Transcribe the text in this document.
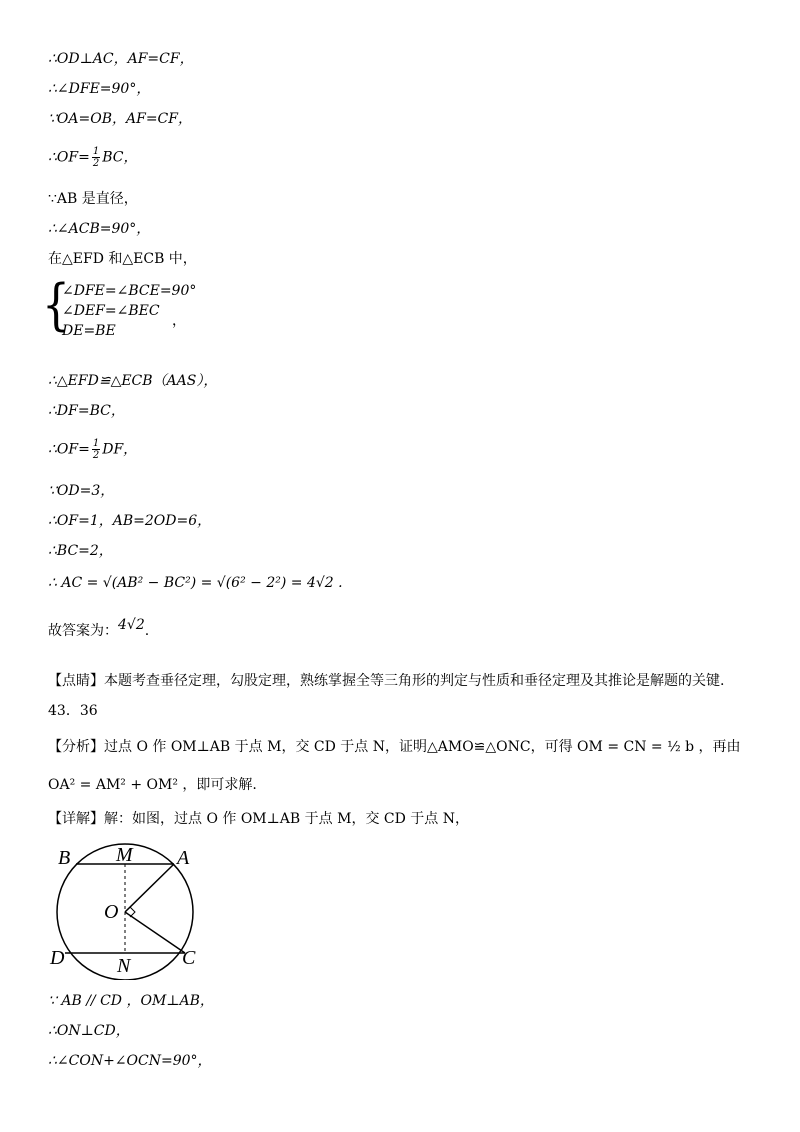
∴OD⊥AC，AF=CF，
∴∠DFE=90°，
∵OA=OB，AF=CF，
∴OF= $\frac{1}{2}$ BC，
∵AB 是直径，
∴∠ACB=90°，
在△EFD 和△ECB 中，
{
∠DFE=∠BCE=90°
∠DEF=∠BEC
DE=BE
，
∴△EFD≌△ECB（AAS），
∴DF=BC，
∴OF= $\frac{1}{2}$ DF，
∵OD=3，
∴OF=1，AB=2OD=6，
∴BC=2，
∴ AC = √(AB² − BC²) = √(6² − 2²) = 4√2 .
故答案为：4√2.
【点睛】本题考查垂径定理，勾股定理，熟练掌握全等三角形的判定与性质和垂径定理及其推论是解题的关键.
43．36
【分析】过点 O 作 OM⊥AB 于点 M，交 CD 于点 N，证明△AMO≌△ONC，可得 OM = CN = ½ b ，再由
OA² = AM² + OM² ，即可求解.
【详解】解：如图，过点 O 作 OM⊥AB 于点 M，交 CD 于点 N，
B M A
O
D	N	C
∵ AB // CD ，OM⊥AB，
∴ON⊥CD，
∴∠CON+∠OCN=90°，
